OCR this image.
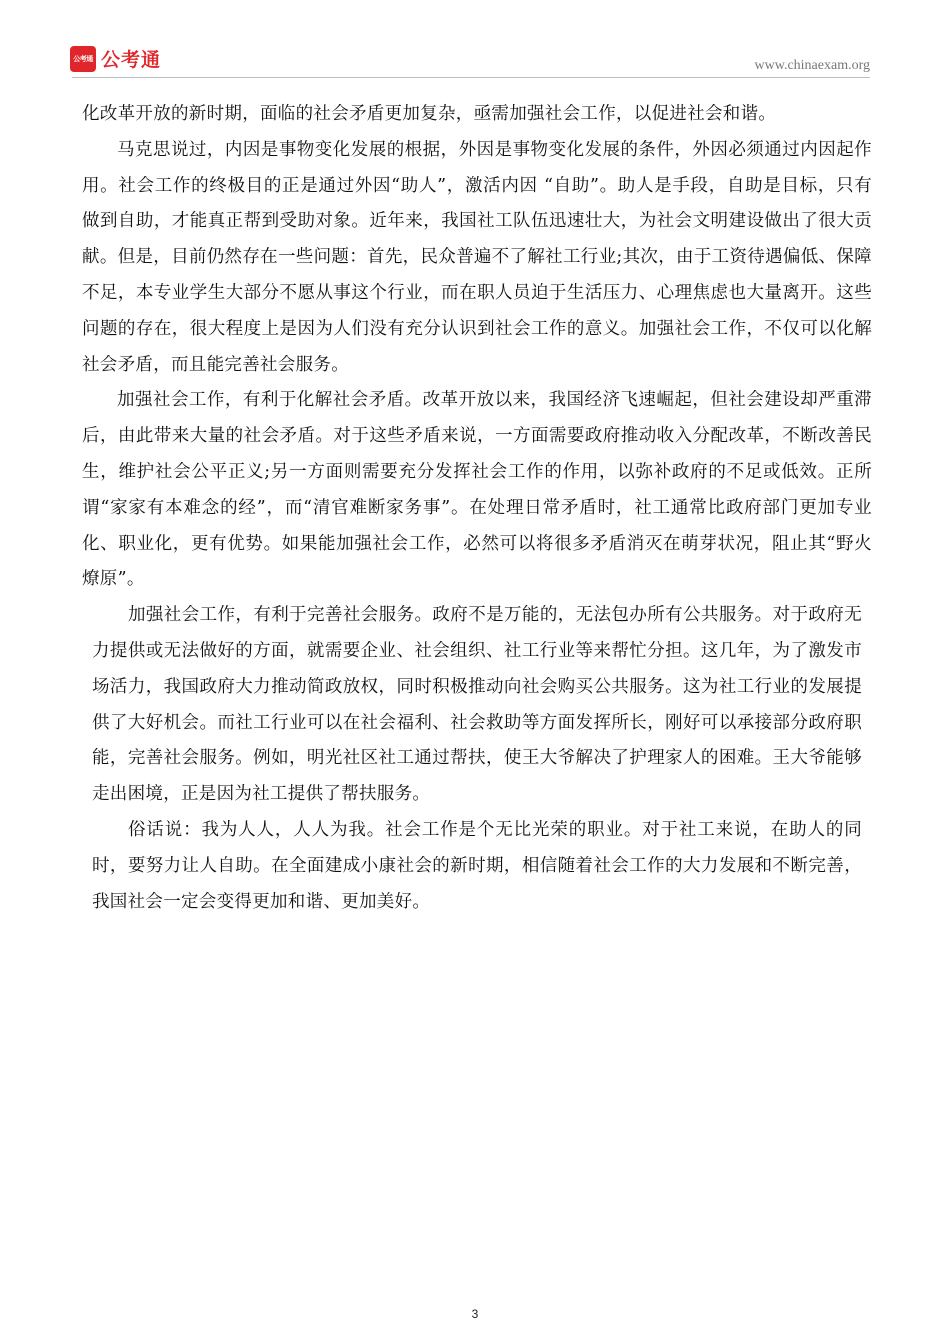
公考通 公考通	www.chinaexam.org

化改革开放的新时期，面临的社会矛盾更加复杂，亟需加强社会工作，以促进社会和谐。

马克思说过，内因是事物变化发展的根据，外因是事物变化发展的条件，外因必须通过内因起作用。社会工作的终极目的正是通过外因“助人”，激活内因 “自助”。助人是手段，自助是目标，只有做到自助，才能真正帮到受助对象。近年来，我国社工队伍迅速壮大，为社会文明建设做出了很大贡献。但是，目前仍然存在一些问题：首先，民众普遍不了解社工行业;其次，由于工资待遇偏低、保障不足，本专业学生大部分不愿从事这个行业，而在职人员迫于生活压力、心理焦虑也大量离开。这些问题的存在，很大程度上是因为人们没有充分认识到社会工作的意义。加强社会工作，不仅可以化解社会矛盾，而且能完善社会服务。

加强社会工作，有利于化解社会矛盾。改革开放以来，我国经济飞速崛起，但社会建设却严重滞后，由此带来大量的社会矛盾。对于这些矛盾来说，一方面需要政府推动收入分配改革，不断改善民生，维护社会公平正义;另一方面则需要充分发挥社会工作的作用，以弥补政府的不足或低效。正所谓“家家有本难念的经”，而“清官难断家务事”。在处理日常矛盾时，社工通常比政府部门更加专业化、职业化，更有优势。如果能加强社会工作，必然可以将很多矛盾消灭在萌芽状况，阻止其“野火燎原”。

加强社会工作，有利于完善社会服务。政府不是万能的，无法包办所有公共服务。对于政府无力提供或无法做好的方面，就需要企业、社会组织、社工行业等来帮忙分担。这几年，为了激发市场活力，我国政府大力推动简政放权，同时积极推动向社会购买公共服务。这为社工行业的发展提供了大好机会。而社工行业可以在社会福利、社会救助等方面发挥所长，刚好可以承接部分政府职能，完善社会服务。例如，明光社区社工通过帮扶，使王大爷解决了护理家人的困难。王大爷能够走出困境，正是因为社工提供了帮扶服务。

俗话说：我为人人，人人为我。社会工作是个无比光荣的职业。对于社工来说，在助人的同时，要努力让人自助。在全面建成小康社会的新时期，相信随着社会工作的大力发展和不断完善，我国社会一定会变得更加和谐、更加美好。

3
